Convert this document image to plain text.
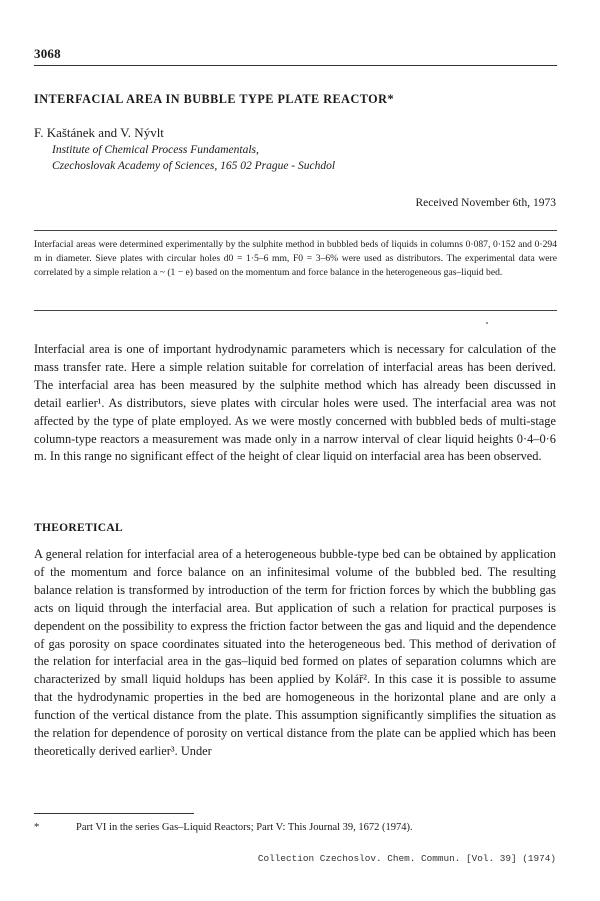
3068
INTERFACIAL AREA IN BUBBLE TYPE PLATE REACTOR*
F. Kaštánek and V. Nývlt
Institute of Chemical Process Fundamentals,
Czechoslovak Academy of Sciences, 165 02 Prague - Suchdol
Received November 6th, 1973
Interfacial areas were determined experimentally by the sulphite method in bubbled beds of liquids in columns 0·087, 0·152 and 0·294 m in diameter. Sieve plates with circular holes d0 = 1·5–6 mm, F0 = 3–6% were used as distributors. The experimental data were correlated by a simple relation a ~ (1 − e) based on the momentum and force balance in the heterogeneous gas–liquid bed.
Interfacial area is one of important hydrodynamic parameters which is necessary for calculation of the mass transfer rate. Here a simple relation suitable for correlation of interfacial areas has been derived. The interfacial area has been measured by the sulphite method which has already been discussed in detail earlier¹. As distributors, sieve plates with circular holes were used. The interfacial area was not affected by the type of plate employed. As we were mostly concerned with bubbled beds of multi-stage column-type reactors a measurement was made only in a narrow interval of clear liquid heights 0·4–0·6 m. In this range no significant effect of the height of clear liquid on interfacial area has been observed.
THEORETICAL
A general relation for interfacial area of a heterogeneous bubble-type bed can be obtained by application of the momentum and force balance on an infinitesimal volume of the bubbled bed. The resulting balance relation is transformed by introduction of the term for friction forces by which the bubbling gas acts on liquid through the interfacial area. But application of such a relation for practical purposes is dependent on the possibility to express the friction factor between the gas and liquid and the dependence of gas porosity on space coordinates situated into the heterogeneous bed. This method of derivation of the relation for interfacial area in the gas–liquid bed formed on plates of separation columns which are characterized by small liquid holdups has been applied by Kolář². In this case it is possible to assume that the hydrodynamic properties in the bed are homogeneous in the horizontal plane and are only a function of the vertical distance from the plate. This assumption significantly simplifies the situation as the relation for dependence of porosity on vertical distance from the plate can be applied which has been theoretically derived earlier³. Under
*	Part VI in the series Gas–Liquid Reactors; Part V: This Journal 39, 1672 (1974).
Collection Czechoslov. Chem. Commun. [Vol. 39] (1974)
